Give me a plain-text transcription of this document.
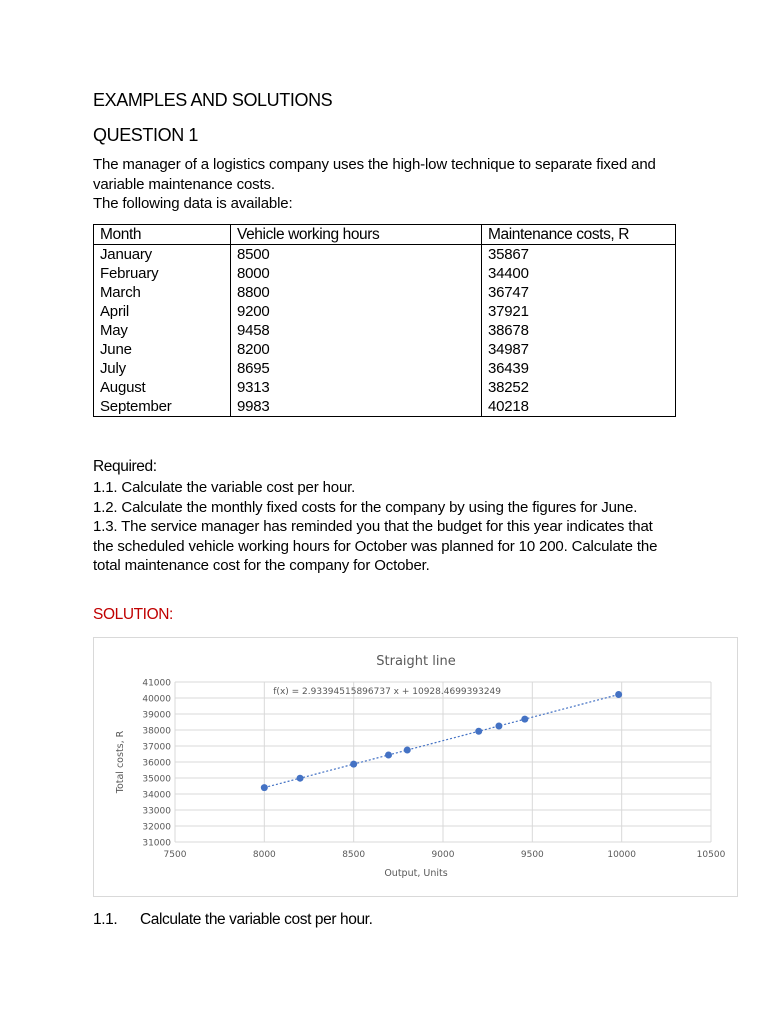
EXAMPLES AND SOLUTIONS
QUESTION 1

The manager of a logistics company uses the high-low technique to separate fixed and
variable maintenance costs.
The following data is available:

Month	Vehicle working hours	Maintenance costs, R
January	8500	35867
February	8000	34400
March	8800	36747
April	9200	37921
May	9458	38678
June	8200	34987
July	8695	36439
August	9313	38252
September	9983	40218

Required:

1.1. Calculate the variable cost per hour.
1.2. Calculate the monthly fixed costs for the company by using the figures for June.
1.3. The service manager has reminded you that the budget for this year indicates that
the scheduled vehicle working hours for October was planned for 10 200. Calculate the
total maintenance cost for the company for October.

SOLUTION:

Straight line
31000
32000
33000
34000
35000
36000
37000
38000
39000
40000
41000
7500	8000	8500	9000	9500	10000	10500
Output, Units
Total costs, R
f(x) = 2.93394515896737 x + 10928.4699393249

1.1. Calculate the variable cost per hour.
